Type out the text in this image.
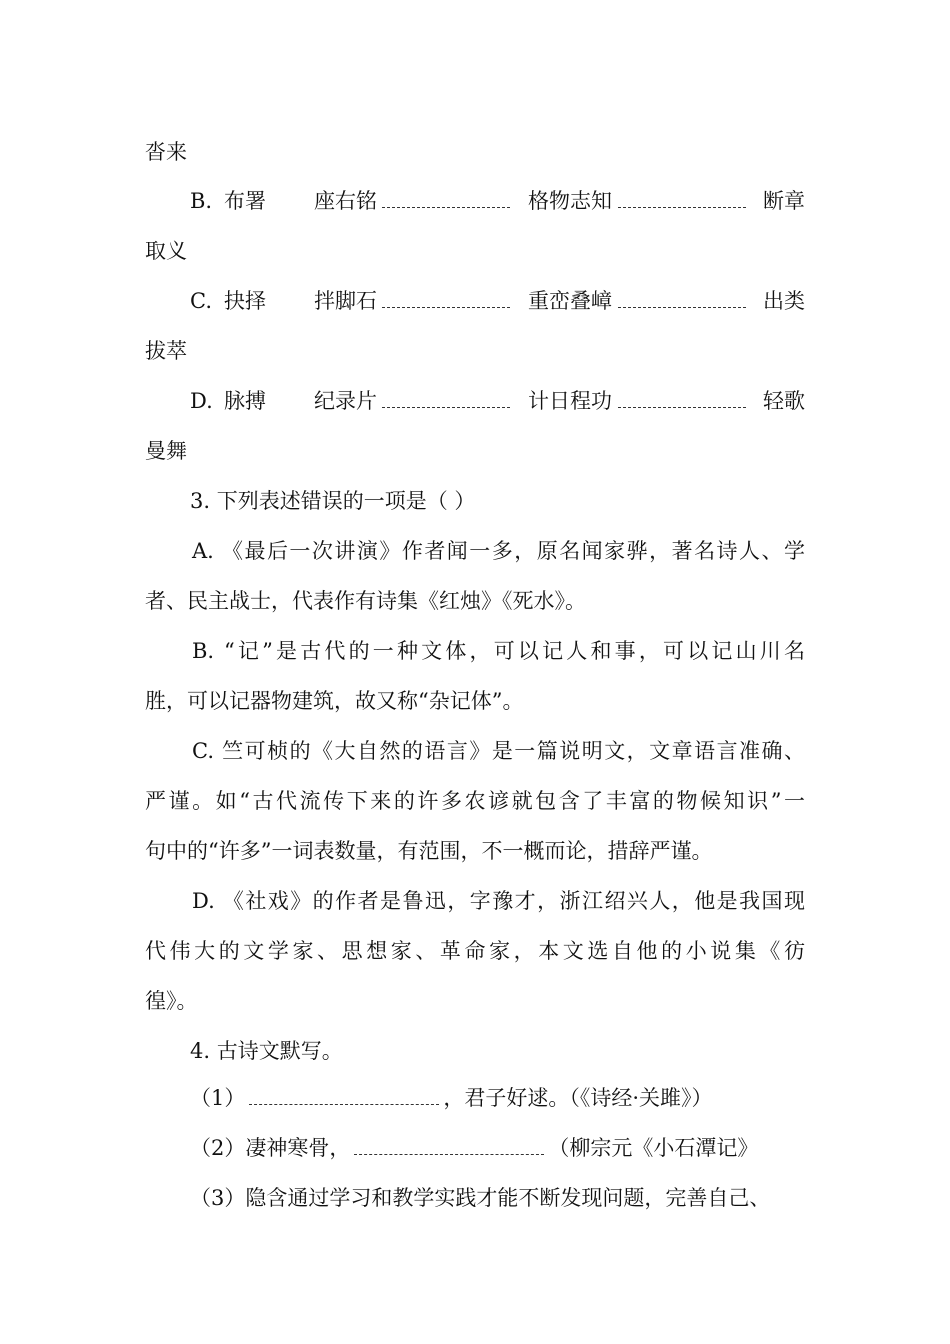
沓来
B. 布署 座右铭	格物志知	断章
取义
C. 抉择 拌脚石	重峦叠嶂	出类
拔萃
D. 脉搏 纪录片	计日程功	轻歌
曼舞
3. 下列表述错误的一项是（ ）
A. 《最后一次讲演》作者闻一多，原名闻家骅，著名诗人、学
者、民主战士，代表作有诗集《红烛》《死水》。
B. “记”是古代的一种文体，可以记人和事，可以记山川名
胜，可以记器物建筑，故又称“杂记体”。
C. 竺可桢的《大自然的语言》是一篇说明文，文章语言准确、
严谨。如“古代流传下来的许多农谚就包含了丰富的物候知识”一
句中的“许多”一词表数量，有范围，不一概而论，措辞严谨。
D. 《社戏》的作者是鲁迅，字豫才，浙江绍兴人，他是我国现
代伟大的文学家、思想家、革命家，本文选自他的小说集《彷
徨》。
4. 古诗文默写。
（1）	，君子好逑。（《诗经·关雎》）
（2）凄神寒骨，	（柳宗元《小石潭记》
（3）隐含通过学习和教学实践才能不断发现问题，完善自己、
